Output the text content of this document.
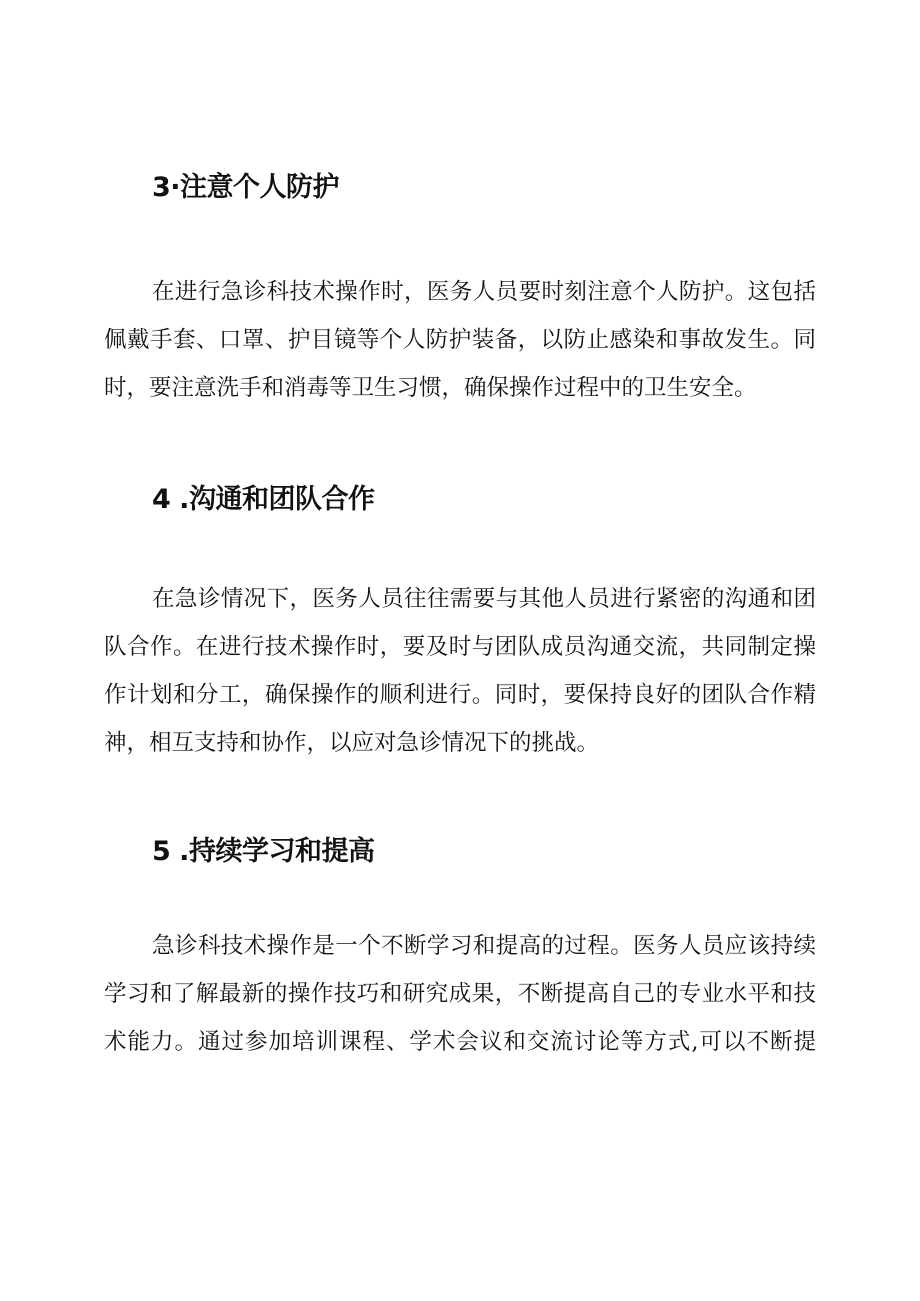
3·注意个人防护
在进行急诊科技术操作时，医务人员要时刻注意个人防护。这包括
佩戴手套、口罩、护目镜等个人防护装备，以防止感染和事故发生。同
时，要注意洗手和消毒等卫生习惯，确保操作过程中的卫生安全。
4 .沟通和团队合作
在急诊情况下，医务人员往往需要与其他人员进行紧密的沟通和团
队合作。在进行技术操作时，要及时与团队成员沟通交流，共同制定操
作计划和分工，确保操作的顺利进行。同时，要保持良好的团队合作精
神，相互支持和协作，以应对急诊情况下的挑战。
5 .持续学习和提高
急诊科技术操作是一个不断学习和提高的过程。医务人员应该持续
学习和了解最新的操作技巧和研究成果，不断提高自己的专业水平和技
术能力。通过参加培训课程、学术会议和交流讨论等方式,可以不断提
